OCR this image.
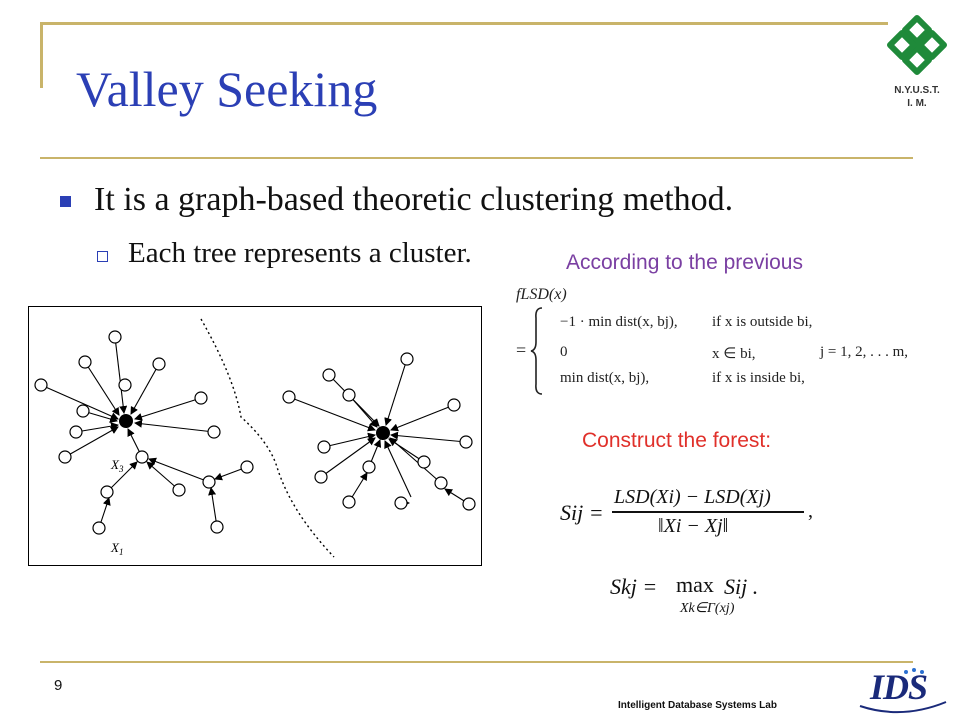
Valley Seeking
It is a graph-based theoretic clustering method.
Each tree represents a cluster.	According to the previous
Construct the forest:
fLSD(x)
=
−1 · min dist(x, bj),
0
min dist(x, bj),
if x is outside bi,
x ∈ bi,
if x is inside bi,
j = 1, 2, . . . m,
Sij =
LSD(Xi) − LSD(Xj)
‖Xi − Xj‖
,
Skj = max Sij .
Xk∈Γ(xj)
$X_3$
$X_1$
N.Y.U.S.T.
I. M.
9
Intelligent Database Systems Lab	IDS
